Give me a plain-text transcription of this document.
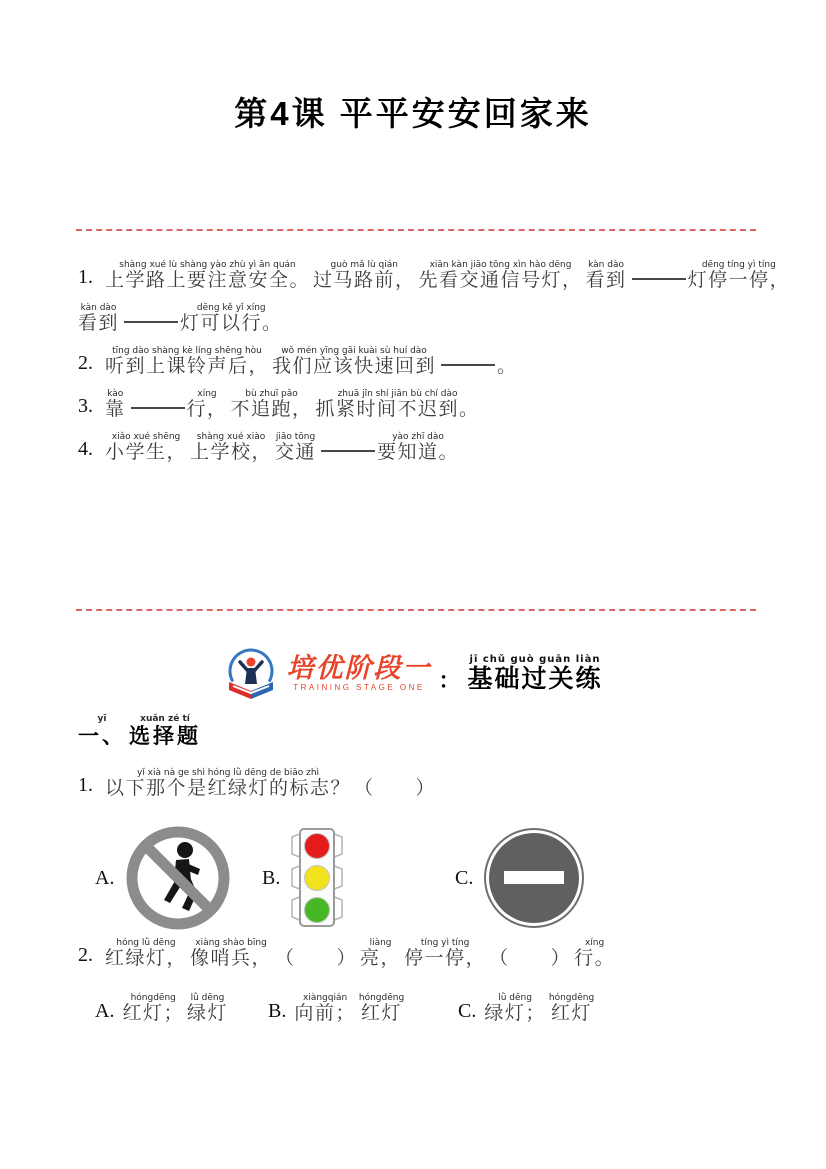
第4课 平平安安回家来
1. 上学路上要注意安全。shàng xué lù shàng yào zhù yì ān quán过马路前，guò mǎ lù qián先看交通信号灯，xiān kàn jiāo tōng xìn hào dēng看到kàn dào灯停一停，dēng tíng yì tíng
看到kàn dào灯可以行。dēng kě yǐ xíng
2. 听到上课铃声后，tīng dào shàng kè líng shēng hòu我们应该快速回到wǒ mén yīng gāi kuài sù huí dào。
3. 靠kào行，xíng不追跑，bù zhuī pǎo抓紧时间不迟到。zhuā jǐn shí jiān bù chí dào
4. 小学生，xiǎo xué shēng上学校，shàng xué xiào交通jiāo tōng要知道。yào zhī dào
培优阶段一
TRAINING STAGE ONE ：
jī chǔ guò guān liàn
基础过关练
一、yī选择题xuǎn zé tí
1. 以下那个是红绿灯的标志？yǐ xià nà ge shì hóng lǜ dēng de biāo zhì（　　）
A.	B.	C.
2. 红绿灯，hóng lǜ dēng像哨兵，xiàng shào bīng（　　） 亮，liàng停一停，tíng yì tíng（　　） 行。xíng
A. 红灯；hóngdēng
绿灯lǜ dēng
B. 向前；xiàngqián
红灯hóngdēng
C. 绿灯；lǜ dēng
红灯hóngdēng
